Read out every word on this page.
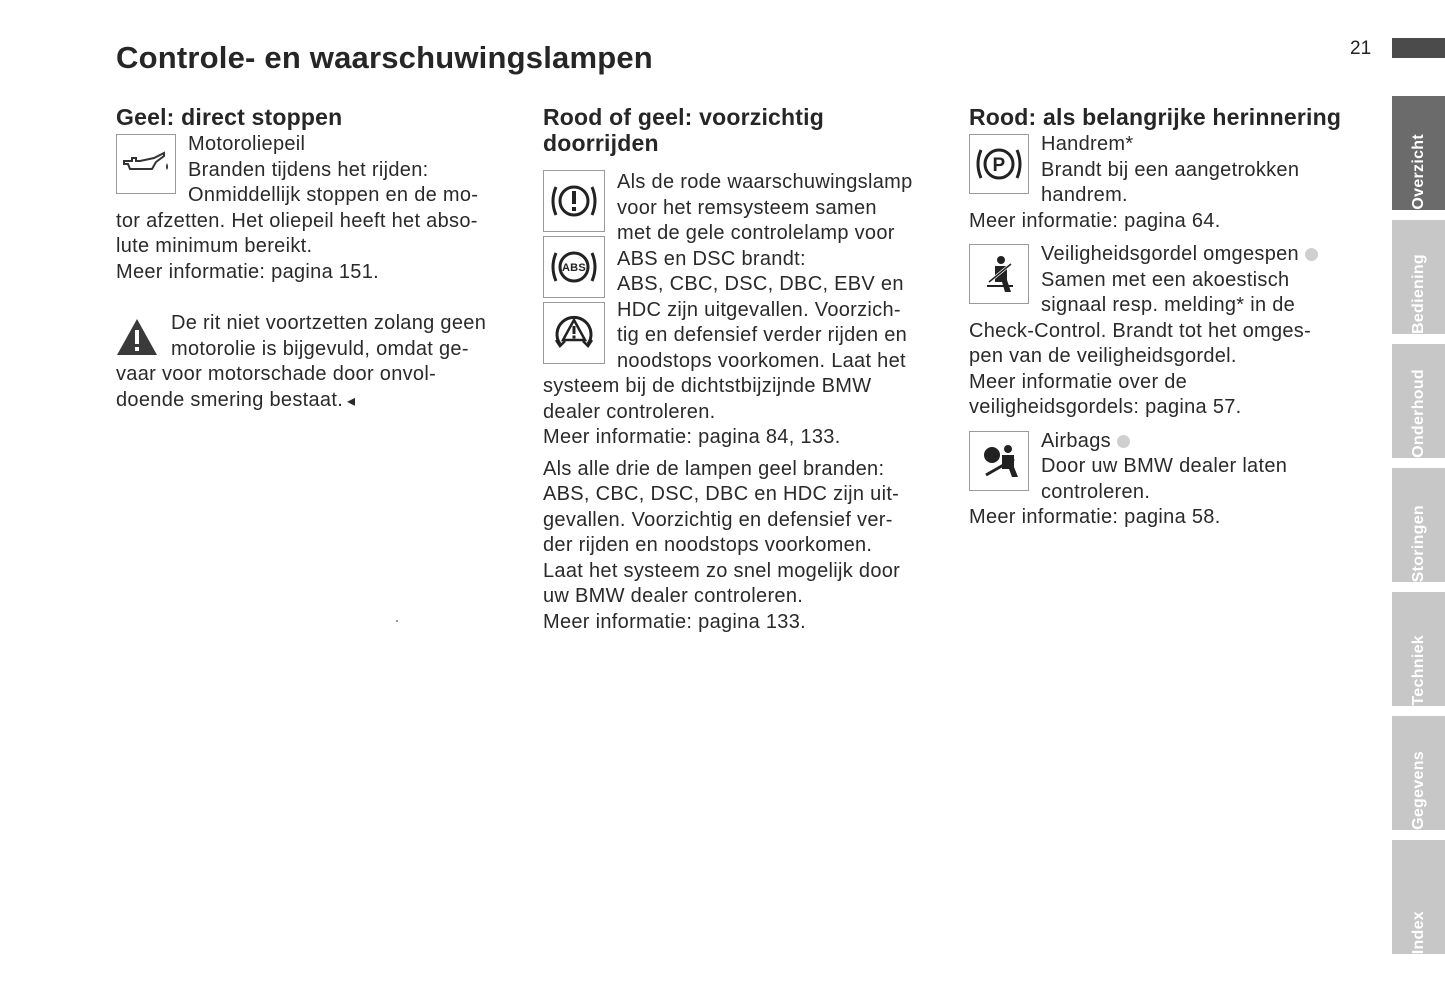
Controle- en waarschuwingslampen	21
Geel: direct stoppen

Motoroliepeil

Branden tijdens het rijden:

Onmiddellijk stoppen en de mo-

tor afzetten. Het oliepeil heeft het abso-

lute minimum bereikt.

Meer informatie: pagina 151.

De rit niet voortzetten zolang geen

motorolie is bijgevuld, omdat ge-

vaar voor motorschade door onvol-

doende smering bestaat. ◂

Rood of geel: voorzichtig
doorrijden
ABS

Als de rode waarschuwingslamp

voor het remsysteem samen

met de gele controlelamp voor

ABS en DSC brandt:

ABS, CBC, DSC, DBC, EBV en

HDC zijn uitgevallen. Voorzich-

tig en defensief verder rijden en

noodstops voorkomen. Laat het

systeem bij de dichtstbijzijnde BMW

dealer controleren.

Meer informatie: pagina 84, 133.

Als alle drie de lampen geel branden:

ABS, CBC, DSC, DBC en HDC zijn uit-

gevallen. Voorzichtig en defensief ver-

der rijden en noodstops voorkomen.

Laat het systeem zo snel mogelijk door

uw BMW dealer controleren.

Meer informatie: pagina 133.

Rood: als belangrijke herinnering
P

Handrem*

Brandt bij een aangetrokken

handrem.

Meer informatie: pagina 64.

Veiligheidsgordel omgespen

Samen met een akoestisch

signaal resp. melding* in de

Check-Control. Brandt tot het omges-

pen van de veiligheidsgordel.

Meer informatie over de

veiligheidsgordels: pagina 57.

Airbags

Door uw BMW dealer laten

controleren.

Meer informatie: pagina 58.

Overzicht
Bediening
Onderhoud
Storingen
Techniek
Gegevens
Index
